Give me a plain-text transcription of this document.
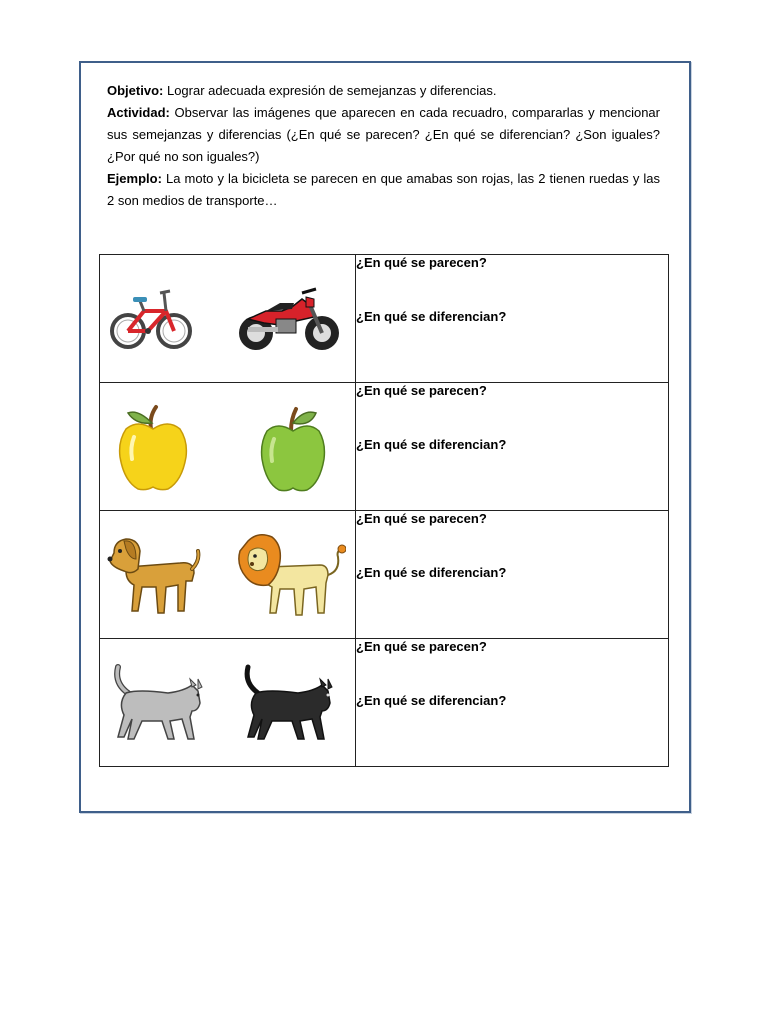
Objetivo: Lograr adecuada expresión de semejanzas y diferencias.

Actividad: Observar las imágenes que aparecen en cada recuadro, compararlas y mencionar sus semejanzas y diferencias (¿En qué se parecen? ¿En qué se diferencian? ¿Son iguales? ¿Por qué no son iguales?)

Ejemplo: La moto y la bicicleta se parecen en que amabas son rojas, las 2 tienen ruedas y las 2 son medios de transporte…

¿En qué se parecen?
¿En qué se diferencian?

¿En qué se parecen?
¿En qué se diferencian?

¿En qué se parecen?
¿En qué se diferencian?

¿En qué se parecen?
¿En qué se diferencian?
